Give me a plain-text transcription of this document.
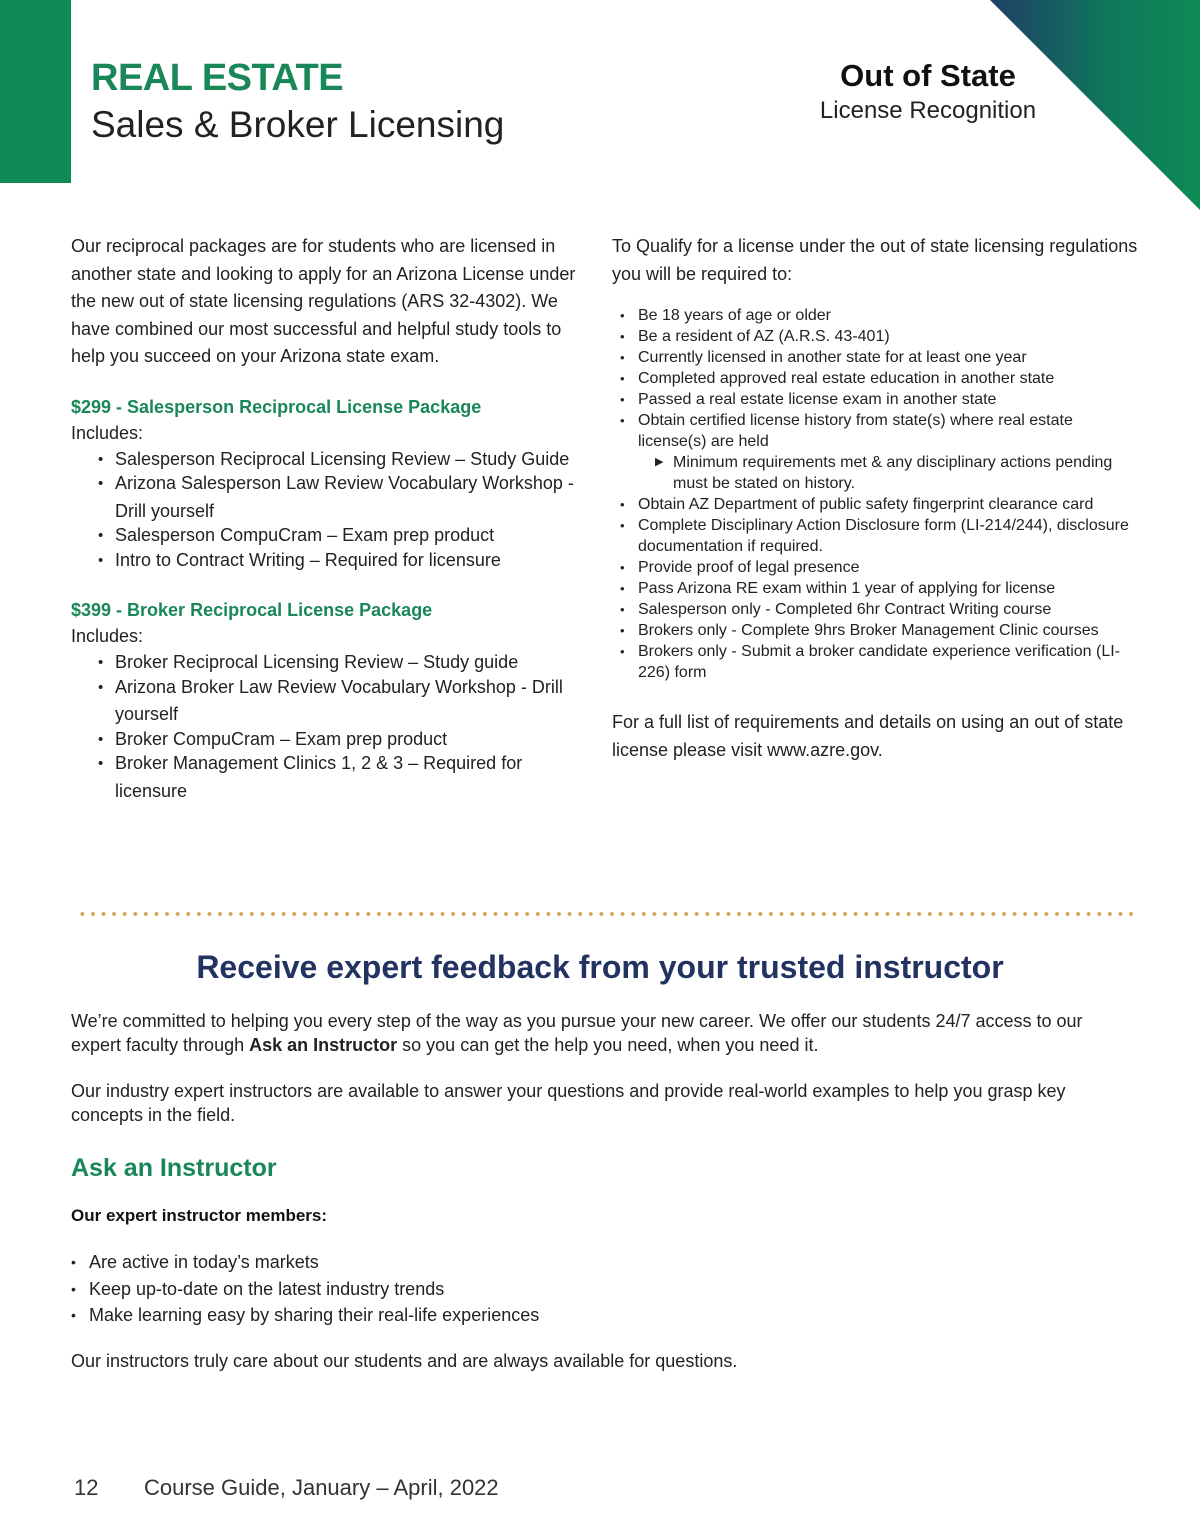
REAL ESTATE
Sales & Broker Licensing
Out of State
License Recognition

Our reciprocal packages are for students who are licensed in another state and looking to apply for an Arizona License under the new out of state licensing regulations (ARS 32-4302). We have combined our most successful and helpful study tools to help you succeed on your Arizona state exam.

$299 - Salesperson Reciprocal License Package
Includes:
• Salesperson Reciprocal Licensing Review – Study Guide
• Arizona Salesperson Law Review Vocabulary Workshop - Drill yourself
• Salesperson CompuCram – Exam prep product
• Intro to Contract Writing – Required for licensure
$399 - Broker Reciprocal License Package
Includes:
• Broker Reciprocal Licensing Review – Study guide
• Arizona Broker Law Review Vocabulary Workshop - Drill yourself
• Broker CompuCram – Exam prep product
• Broker Management Clinics 1, 2 & 3 – Required for licensure

To Qualify for a license under the out of state licensing regulations you will be required to:

• Be 18 years of age or older
• Be a resident of AZ (A.R.S. 43-401)
• Currently licensed in another state for at least one year
• Completed approved real estate education in another state
• Passed a real estate license exam in another state
• Obtain certified license history from state(s) where real estate license(s) are held
▶ Minimum requirements met & any disciplinary actions pending must be stated on history.
• Obtain AZ Department of public safety fingerprint clearance card
• Complete Disciplinary Action Disclosure form (LI-214/244), disclosure documentation if required.
• Provide proof of legal presence
• Pass Arizona RE exam within 1 year of applying for license
• Salesperson only - Completed 6hr Contract Writing course
• Brokers only - Complete 9hrs Broker Management Clinic courses
• Brokers only - Submit a broker candidate experience verification (LI-226) form

For a full list of requirements and details on using an out of state license please visit www.azre.gov.

Receive expert feedback from your trusted instructor

We’re committed to helping you every step of the way as you pursue your new career. We offer our students 24/7 access to our expert faculty through Ask an Instructor so you can get the help you need, when you need it.

Our industry expert instructors are available to answer your questions and provide real-world examples to help you grasp key concepts in the field.

Ask an Instructor
Our expert instructor members:
• Are active in today’s markets
• Keep up-to-date on the latest industry trends
• Make learning easy by sharing their real-life experiences

Our instructors truly care about our students and are always available for questions.

12 Course Guide, January – April, 2022
